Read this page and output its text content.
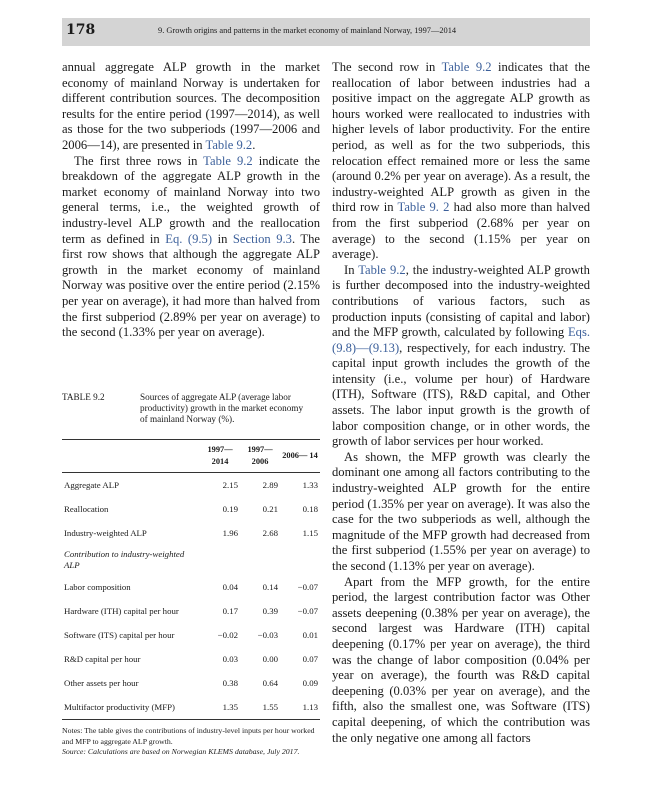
178	9. Growth origins and patterns in the market economy of mainland Norway, 1997—2014

annual aggregate ALP growth in the market economy of mainland Norway is undertaken for different contribution sources. The decomposition results for the entire period (1997—2014), as well as those for the two subperiods (1997—2006 and 2006—14), are presented in Table 9.2.

The first three rows in Table 9.2 indicate the breakdown of the aggregate ALP growth in the market economy of mainland Norway into two general terms, i.e., the weighted growth of industry-level ALP growth and the reallocation term as defined in Eq. (9.5) in Section 9.3. The first row shows that although the aggregate ALP growth in the market economy of mainland Norway was positive over the entire period (2.15% per year on average), it had more than halved from the first subperiod (2.89% per year on average) to the second (1.33% per year on average).

TABLE 9.2	Sources of aggregate ALP (average labor productivity) growth in the market economy of mainland Norway (%).
	1997— 2014	1997— 2006	2006— 14
Aggregate ALP	2.15	2.89	1.33
Reallocation	0.19	0.21	0.18
Industry-weighted ALP	1.96	2.68	1.15
Contribution to industry-weighted ALP			
Labor composition	0.04	0.14	−0.07
Hardware (ITH) capital per hour	0.17	0.39	−0.07
Software (ITS) capital per hour	−0.02	−0.03	0.01
R&D capital per hour	0.03	0.00	0.07
Other assets per hour	0.38	0.64	0.09
Multifactor productivity (MFP)	1.35	1.55	1.13
Notes: The table gives the contributions of industry-level inputs per hour worked and MFP to aggregate ALP growth.
Source: Calculations are based on Norwegian KLEMS database, July 2017.

The second row in Table 9.2 indicates that the reallocation of labor between industries had a positive impact on the aggregate ALP growth as hours worked were reallocated to industries with higher levels of labor productivity. For the entire period, as well as for the two subperiods, this relocation effect remained more or less the same (around 0.2% per year on average). As a result, the industry-weighted ALP growth as given in the third row in Table 9. 2 had also more than halved from the first subperiod (2.68% per year on average) to the second (1.15% per year on average).

In Table 9.2, the industry-weighted ALP growth is further decomposed into the industry-weighted contributions of various factors, such as production inputs (consisting of capital and labor) and the MFP growth, calculated by following Eqs. (9.8)—(9.13), respectively, for each industry. The capital input growth includes the growth of the intensity (i.e., volume per hour) of Hardware (ITH), Software (ITS), R&D capital, and Other assets. The labor input growth is the growth of labor composition change, or in other words, the growth of labor services per hour worked.

As shown, the MFP growth was clearly the dominant one among all factors contributing to the industry-weighted ALP growth for the entire period (1.35% per year on average). It was also the case for the two subperiods as well, although the magnitude of the MFP growth had decreased from the first subperiod (1.55% per year on average) to the second (1.13% per year on average).

Apart from the MFP growth, for the entire period, the largest contribution factor was Other assets deepening (0.38% per year on average), the second largest was Hardware (ITH) capital deepening (0.17% per year on average), the third was the change of labor composition (0.04% per year on average), the fourth was R&D capital deepening (0.03% per year on average), and the fifth, also the smallest one, was Software (ITS) capital deepening, of which the contribution was the only negative one among all factors
